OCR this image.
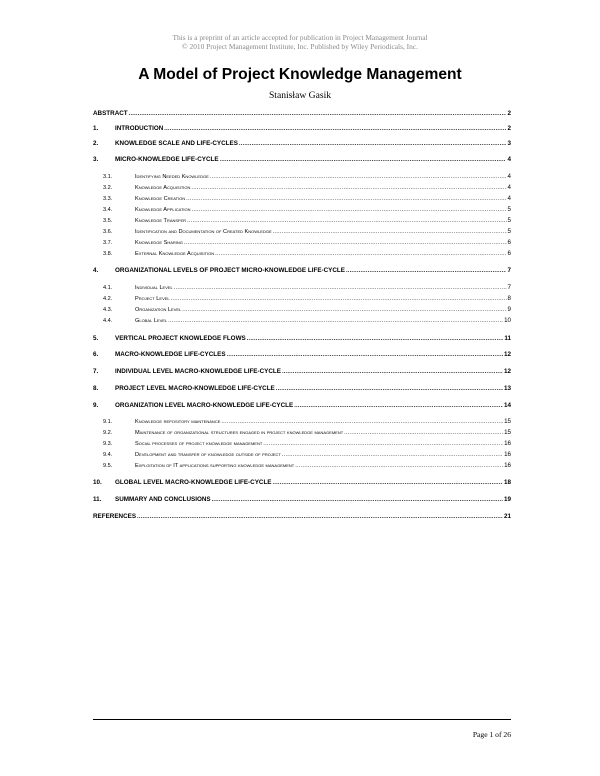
This is a preprint of an article accepted for publication in Project Management Journal
© 2010 Project Management Institute, Inc. Published by Wiley Periodicals, Inc.
A Model of Project Knowledge Management
Stanisław Gasik
ABSTRACT .....	2
1.	INTRODUCTION .....	2
2.	KNOWLEDGE SCALE AND LIFE-CYCLES .....	3
3.	MICRO-KNOWLEDGE LIFE-CYCLE .....	4
3.1.	Identifying Needed Knowledge .....	4
3.2.	Knowledge Acquisition .....	4
3.3.	Knowledge Creation .....	4
3.4.	Knowledge Application .....	5
3.5.	Knowledge Transfer .....	5
3.6.	Identification and Documentation of Created Knowledge .....	5
3.7.	Knowledge Sharing .....	6
3.8.	External Knowledge Acquisition .....	6
4.	ORGANIZATIONAL LEVELS OF PROJECT MICRO-KNOWLEDGE LIFE-CYCLE .....	7
4.1.	Individual Level .....	7
4.2.	Project Level .....	8
4.3.	Organization Level .....	9
4.4.	Global Level .....	10
5.	VERTICAL PROJECT KNOWLEDGE FLOWS .....	11
6.	MACRO-KNOWLEDGE LIFE-CYCLES .....	12
7.	INDIVIDUAL LEVEL MACRO-KNOWLEDGE LIFE-CYCLE .....	12
8.	PROJECT LEVEL MACRO-KNOWLEDGE LIFE-CYCLE .....	13
9.	ORGANIZATION LEVEL MACRO-KNOWLEDGE LIFE-CYCLE .....	14
9.1.	Knowledge repository maintenance .....	15
9.2.	Maintenance of organizational structures engaged in project knowledge management .....	15
9.3.	Social processes of project knowledge management .....	16
9.4.	Development and transfer of knowledge outside of project .....	16
9.5.	Exploitation of IT applications supporting knowledge management .....	16
10.	GLOBAL LEVEL MACRO-KNOWLEDGE LIFE-CYCLE .....	18
11.	SUMMARY AND CONCLUSIONS .....	19
REFERENCES .....	21
Page 1 of 26
